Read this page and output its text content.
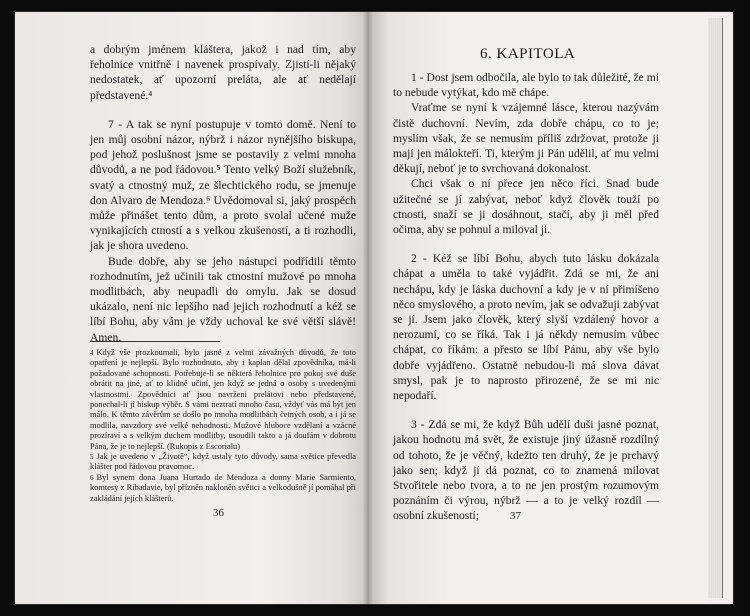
a dobrým jménem kláštera, jakož i nad tím, aby řeholnice vnitřně i navenek prospívaly. Zjistí-li nějaký nedostatek, ať upozorní preláta, ale ať nedělají představené.⁴

7 - A tak se nyní postupuje v tomto domě. Není to jen můj osobní názor, nýbrž i názor nynějšího biskupa, pod jehož poslušnost jsme se postavily z velmi mnoha důvodů, a ne pod řádovou.⁵ Tento velký Boží služebník, svatý a ctnostný muž, ze šlechtického rodu, se jmenuje don Alvaro de Mendoza.⁶ Uvědomoval si, jaký prospěch může přinášet tento dům, a proto svolal učené muže vynikajících ctností a s velkou zkušeností, a ti rozhodli, jak je shora uvedeno.

Bude dobře, aby se jeho nástupci podřídili těmto rozhodnutím, jež učinili tak ctnostní mužové po mnoha modlitbách, aby neupadli do omylu. Jak se dosud ukázalo, není nic lepšího nad jejich rozhodnutí a kéž se líbí Bohu, aby vám je vždy uchoval ke své větší slávě! Amen.

$^4$ Když vše prozkoumali, bylo jasné z velmi závažných důvodů, že toto opatření je nejlepší. Bylo rozhodnuto, aby i kaplan dělal zpovědníka, má-li požadované schopnosti. Potřebuje-li se některá řeholnice pro pokoj své duše obrátit na jiné, ať to klidně učiní, jen když se jedná o osoby s uvedenými vlastnostmi. Zpovědníci ať jsou navrženi prelátovi nebo představené, ponechal-li jí biskup výběr. S vámi neztratí mnoho času, vždyť vás má být jen málo. K těmto závěrům se došlo po mnoha modlitbách četných osob, a i já se modlila, navzdory své velké nehodnosti. Mužové hluboce vzdělaní a vzácné prozíraví a s velkým duchem modlitby, usoudili takto a já doufám v dobrotu Pána, že je to nejlepší. (Rukopis z Escorialu)

$^5$ Jak je uvedeno v „Životě“, když ustaly tyto důvody, sama světice převedla klášter pod řádovou pravomoc.

$^6$ Byl synem dona Juana Hurtado de Mendoza a donny Marie Sarmiento, komtesy z Ribadavie, byl přízněn nakloněn světici a velkodušně jí pomáhal při zakládání jejích klášterů.

36
6. KAPITOLA

1 - Dost jsem odbočila, ale bylo to tak důležité, že mi to nebude vytýkat, kdo mě chápe.

Vraťme se nyní k vzájemné lásce, kterou nazývám čistě duchovní. Nevím, zda dobře chápu, co to je; myslím však, že se nemusím příliš zdržovat, protože ji mají jen málokteří. Ti, kterým ji Pán udělil, ať mu velmi děkují, neboť je to svrchovaná dokonalost.

Chci však o ní přece jen něco říci. Snad bude užitečné se jí zabývat, neboť když člověk touží po ctnosti, snaží se ji dosáhnout, stačí, aby ji měl před očima, aby se pohnul a miloval ji.

2 - Kéž se líbí Bohu, abych tuto lásku dokázala chápat a uměla to také vyjádřit. Zdá se mi, že ani nechápu, kdy je láska duchovní a kdy je v ní přimíšeno něco smyslového, a proto nevím, jak se odvažuji zabývat se jí. Jsem jako člověk, který slyší vzdálený hovor a nerozumí, co se říká. Tak i já někdy nemusím vůbec chápat, co říkám: a přesto se líbí Pánu, aby vše bylo dobře vyjádřeno. Ostatně nebudou-li má slova dávat smysl, pak je to naprosto přirozené, že se mi nic nepodaří.

3 - Zdá se mi, že když Bůh udělí duši jasné poznat, jakou hodnotu má svět, že existuje jiný úžasně rozdílný od tohoto, že je věčný, kdežto ten druhý, že je prchavý jako sen; když jí dá poznat, co to znamená milovat Stvořitele nebo tvora, a to ne jen prostým rozumovým poznáním či výrou, nýbrž — a to je velký rozdíl — osobní zkušeností;	37
